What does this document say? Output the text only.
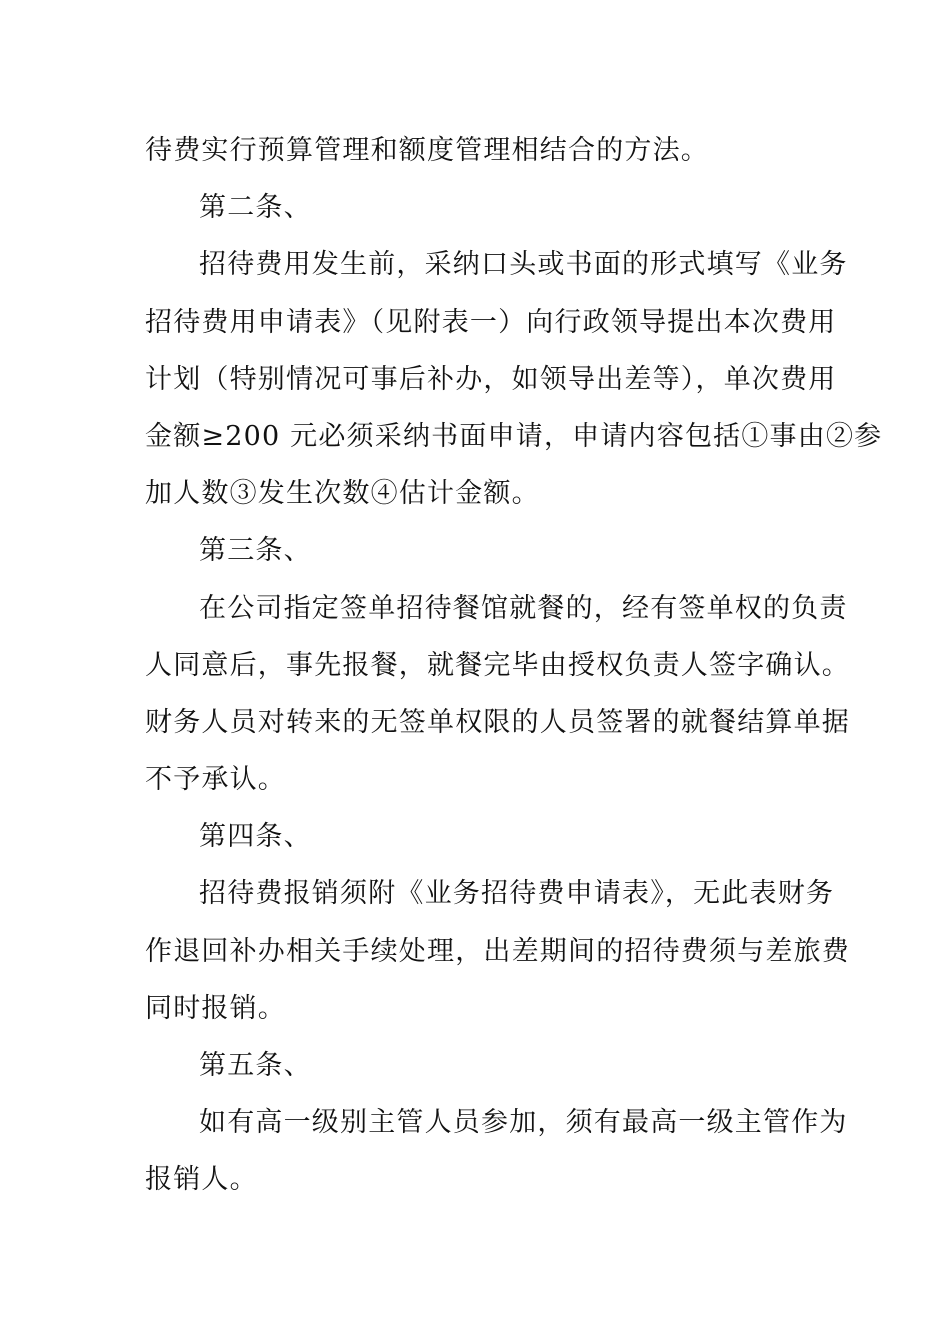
待费实行预算管理和额度管理相结合的方法。
第二条、
招待费用发生前，采纳口头或书面的形式填写《业务
招待费用申请表》（见附表一）向行政领导提出本次费用
计划（特别情况可事后补办，如领导出差等），单次费用
金额≥200 元必须采纳书面申请，申请内容包括①事由②参
加人数③发生次数④估计金额。
第三条、
在公司指定签单招待餐馆就餐的，经有签单权的负责
人同意后，事先报餐，就餐完毕由授权负责人签字确认。
财务人员对转来的无签单权限的人员签署的就餐结算单据
不予承认。
第四条、
招待费报销须附《业务招待费申请表》，无此表财务
作退回补办相关手续处理，出差期间的招待费须与差旅费
同时报销。
第五条、
如有高一级别主管人员参加，须有最高一级主管作为
报销人。
